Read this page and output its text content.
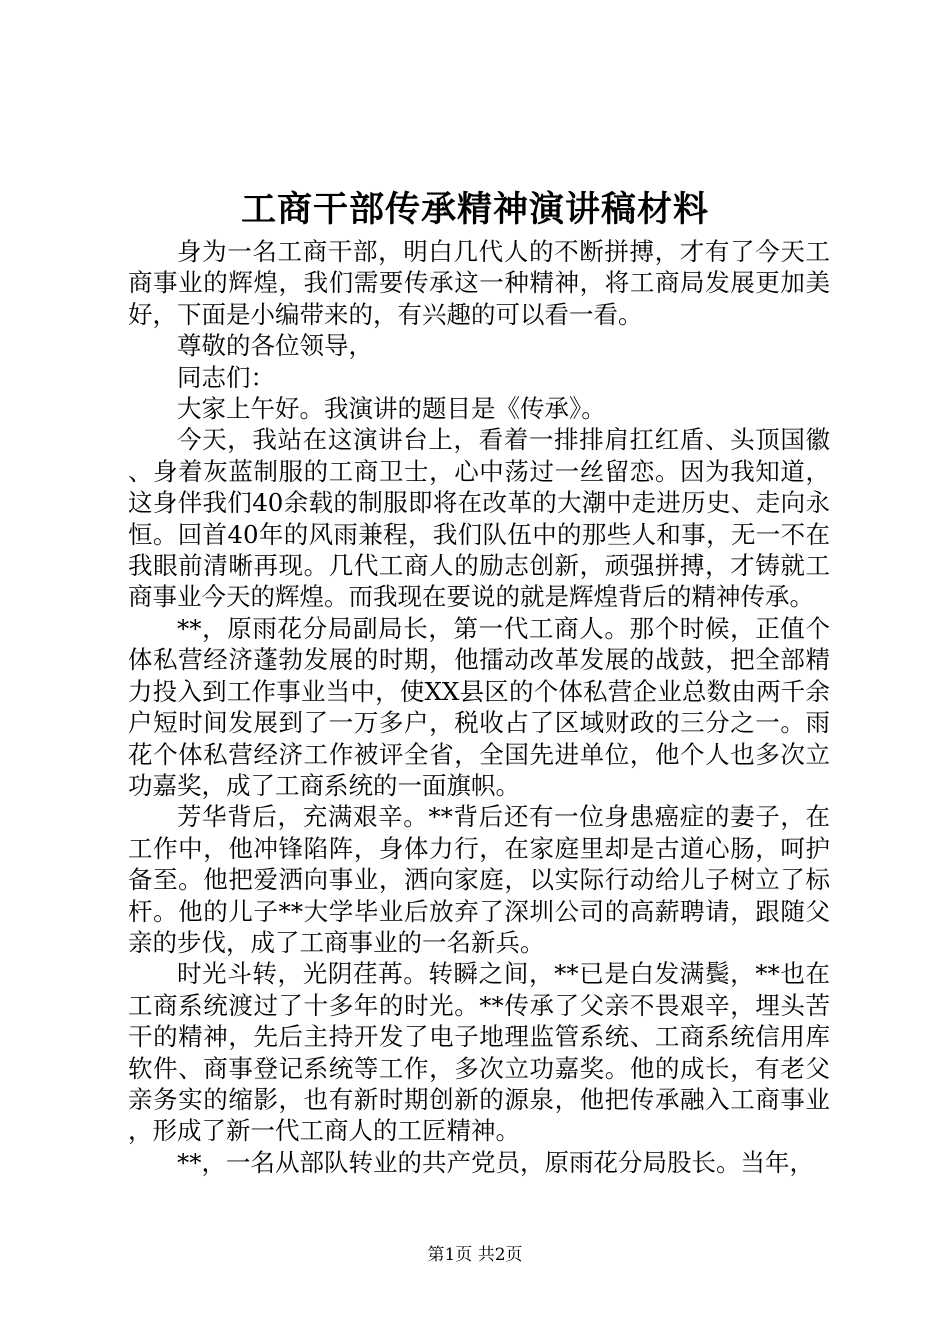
工商干部传承精神演讲稿材料

身为一名工商干部，明白几代人的不断拼搏，才有了今天工商事业的辉煌，我们需要传承这一种精神，将工商局发展更加美好，下面是小编带来的，有兴趣的可以看一看。

尊敬的各位领导，

同志们：

大家上午好。我演讲的题目是《传承》。

今天，我站在这演讲台上，看着一排排肩扛红盾、头顶国徽、身着灰蓝制服的工商卫士，心中荡过一丝留恋。因为我知道，这身伴我们40余载的制服即将在改革的大潮中走进历史、走向永恒。回首40年的风雨兼程，我们队伍中的那些人和事，无一不在我眼前清晰再现。几代工商人的励志创新，顽强拼搏，才铸就工商事业今天的辉煌。而我现在要说的就是辉煌背后的精神传承。

**，原雨花分局副局长，第一代工商人。那个时候，正值个体私营经济蓬勃发展的时期，他擂动改革发展的战鼓，把全部精力投入到工作事业当中，使XX县区的个体私营企业总数由两千余户短时间发展到了一万多户，税收占了区域财政的三分之一。雨花个体私营经济工作被评全省，全国先进单位，他个人也多次立功嘉奖，成了工商系统的一面旗帜。

芳华背后，充满艰辛。**背后还有一位身患癌症的妻子，在工作中，他冲锋陷阵，身体力行，在家庭里却是古道心肠，呵护备至。他把爱洒向事业，洒向家庭，以实际行动给儿子树立了标杆。他的儿子**大学毕业后放弃了深圳公司的高薪聘请，跟随父亲的步伐，成了工商事业的一名新兵。

时光斗转，光阴荏苒。转瞬之间，**已是白发满鬓，**也在工商系统渡过了十多年的时光。**传承了父亲不畏艰辛，埋头苦干的精神，先后主持开发了电子地理监管系统、工商系统信用库软件、商事登记系统等工作，多次立功嘉奖。他的成长，有老父亲务实的缩影，也有新时期创新的源泉，他把传承融入工商事业，形成了新一代工商人的工匠精神。

**，一名从部队转业的共产党员，原雨花分局股长。当年，

第1页 共2页
